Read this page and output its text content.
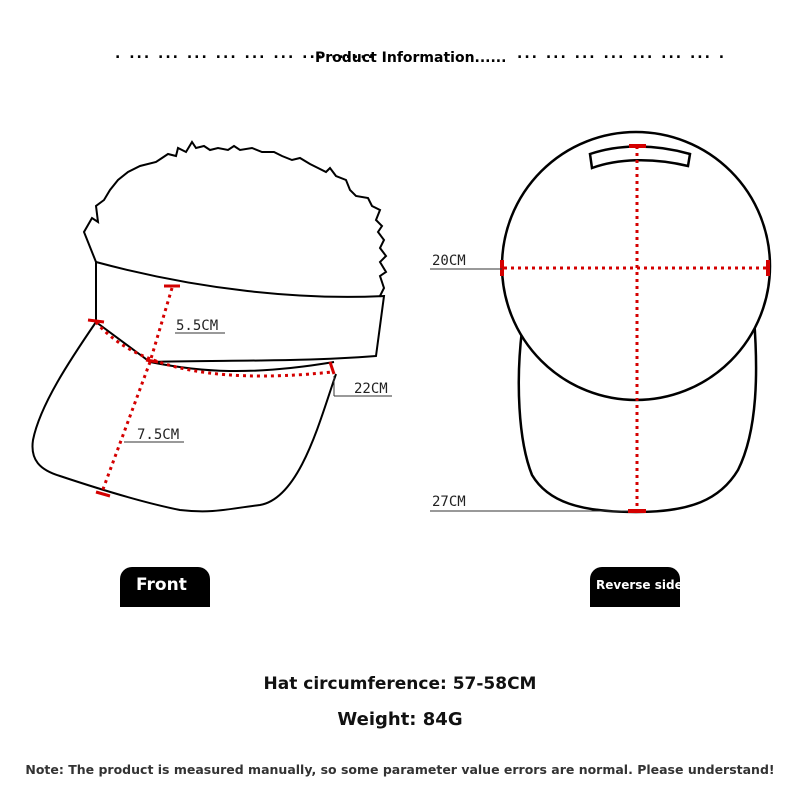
. ... ... ... ... ... ... ... ......
Product Information...... ... ... ... ... ... ... ... .
5.5CM
7.5CM
22CM
20CM
27CM
Front	Reverse side
Hat circumference: 57-58CM
Weight: 84G
Note: The product is measured manually, so some parameter value errors are normal. Please understand!
